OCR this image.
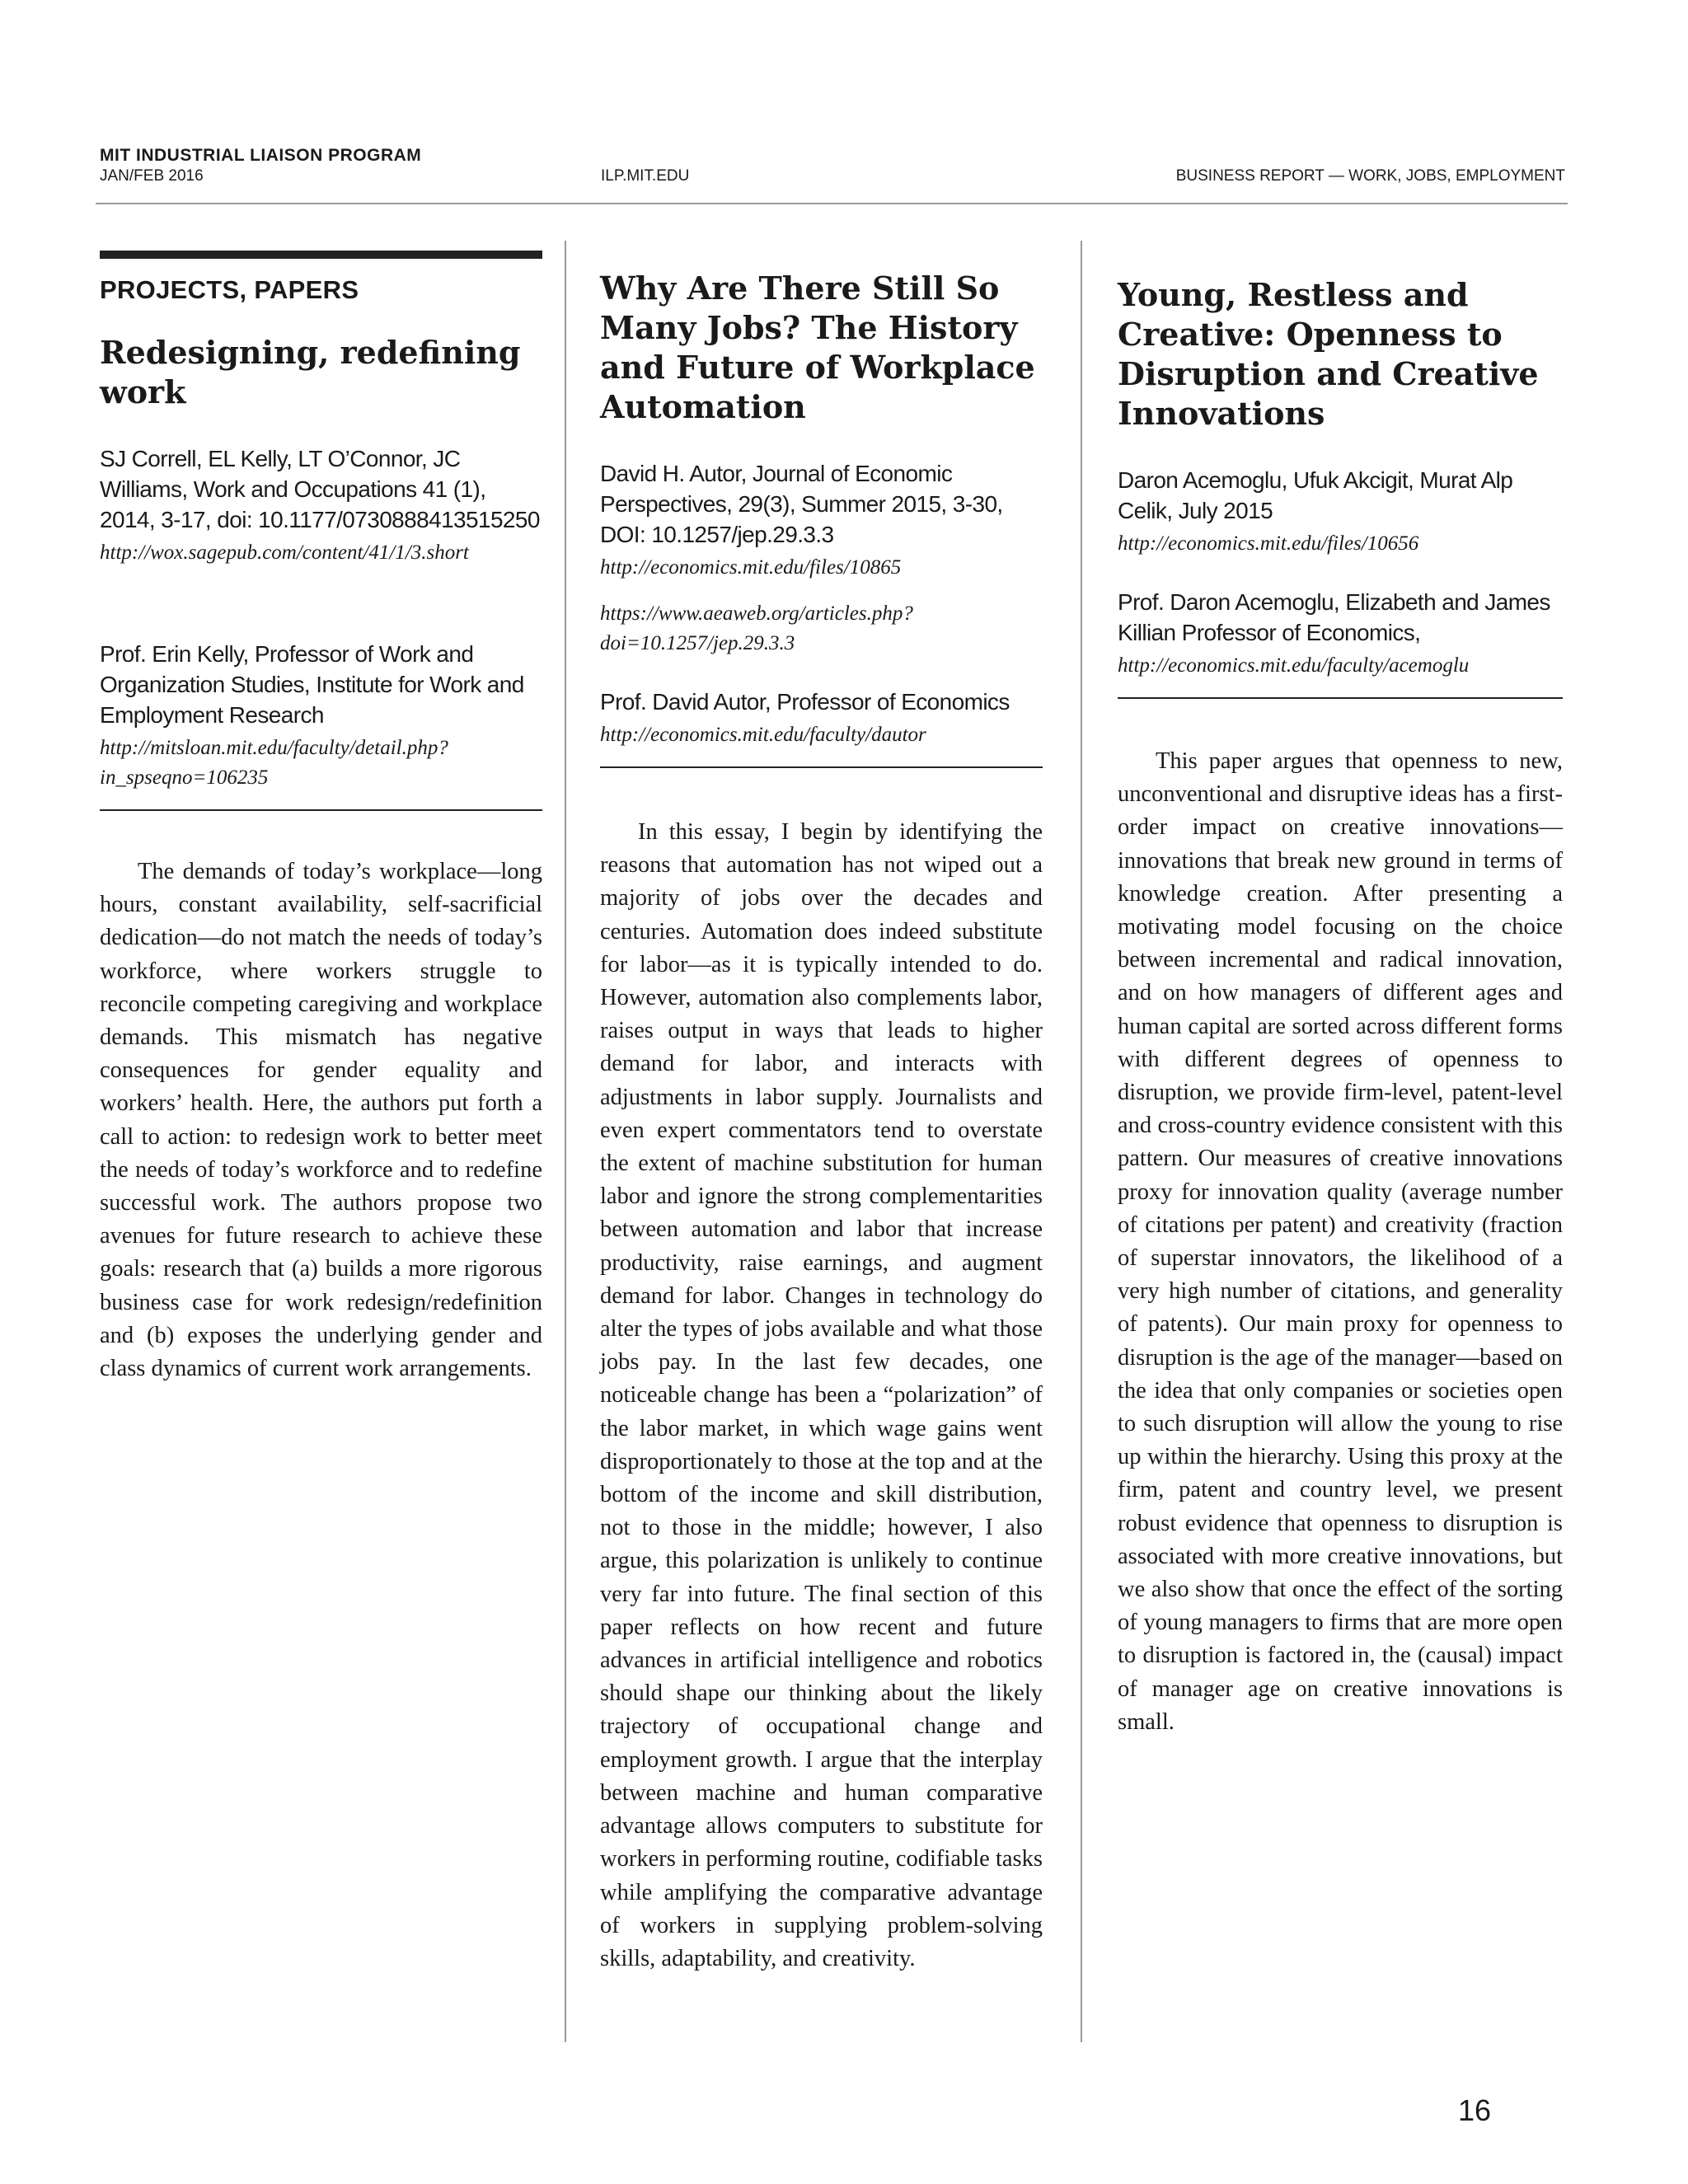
MIT INDUSTRIAL LIAISON PROGRAM
JAN/FEB 2016	ILP.MIT.EDU	BUSINESS REPORT — WORK, JOBS, EMPLOYMENT
PROJECTS, PAPERS
Redesigning, redefining work

SJ Correll, EL Kelly, LT O’Connor, JC Williams, Work and Occupations 41 (1), 2014, 3-17, doi: 10.1177/0730888413515250

http://wox.sagepub.com/content/41/1/3.short

Prof. Erin Kelly, Professor of Work and Organization Studies, Institute for Work and Employment Research

http://mitsloan.mit.edu/faculty/detail.php?in_spseqno=106235

The demands of today’s workplace—long hours, constant availability, self-sacrificial dedication—do not match the needs of today’s workforce, where workers struggle to reconcile competing caregiving and workplace demands. This mismatch has negative consequences for gender equality and workers’ health. Here, the authors put forth a call to action: to redesign work to better meet the needs of today’s workforce and to redefine successful work. The authors propose two avenues for future research to achieve these goals: research that (a) builds a more rigorous business case for work redesign/redefinition and (b) exposes the underlying gender and class dynamics of current work arrangements.

Why Are There Still So Many Jobs? The History and Future of Workplace Automation

David H. Autor, Journal of Economic Perspectives, 29(3), Summer 2015, 3-30, DOI: 10.1257/jep.29.3.3

http://economics.mit.edu/files/10865

https://www.aeaweb.org/articles.php?doi=10.1257/jep.29.3.3

Prof. David Autor, Professor of Economics

http://economics.mit.edu/faculty/dautor

In this essay, I begin by identifying the reasons that automation has not wiped out a majority of jobs over the decades and centuries. Automation does indeed substitute for labor—as it is typically intended to do. However, automation also complements labor, raises output in ways that leads to higher demand for labor, and interacts with adjustments in labor supply. Journalists and even expert commentators tend to overstate the extent of machine substitution for human labor and ignore the strong complementarities between automation and labor that increase productivity, raise earnings, and augment demand for labor. Changes in technology do alter the types of jobs available and what those jobs pay. In the last few decades, one noticeable change has been a “polarization” of the labor market, in which wage gains went disproportionately to those at the top and at the bottom of the income and skill distribution, not to those in the middle; however, I also argue, this polarization is unlikely to continue very far into future. The final section of this paper reflects on how recent and future advances in artificial intelligence and robotics should shape our thinking about the likely trajectory of occupational change and employment growth. I argue that the interplay between machine and human comparative advantage allows computers to substitute for workers in performing routine, codifiable tasks while amplifying the comparative advantage of workers in supplying problem-solving skills, adaptability, and creativity.

Young, Restless and Creative: Openness to Disruption and Creative Innovations

Daron Acemoglu, Ufuk Akcigit, Murat Alp Celik, July 2015

http://economics.mit.edu/files/10656

Prof. Daron Acemoglu, Elizabeth and James Killian Professor of Economics,

http://economics.mit.edu/faculty/acemoglu

This paper argues that openness to new, unconventional and disruptive ideas has a first-order impact on creative innovations—innovations that break new ground in terms of knowledge creation. After presenting a motivating model focusing on the choice between incremental and radical innovation, and on how managers of different ages and human capital are sorted across different forms with different degrees of openness to disruption, we provide firm-level, patent-level and cross-country evidence consistent with this pattern. Our measures of creative innovations proxy for innovation quality (average number of citations per patent) and creativity (fraction of superstar innovators, the likelihood of a very high number of citations, and generality of patents). Our main proxy for openness to disruption is the age of the manager—based on the idea that only companies or societies open to such disruption will allow the young to rise up within the hierarchy. Using this proxy at the firm, patent and country level, we present robust evidence that openness to disruption is associated with more creative innovations, but we also show that once the effect of the sorting of young managers to firms that are more open to disruption is factored in, the (causal) impact of manager age on creative innovations is small.

16
